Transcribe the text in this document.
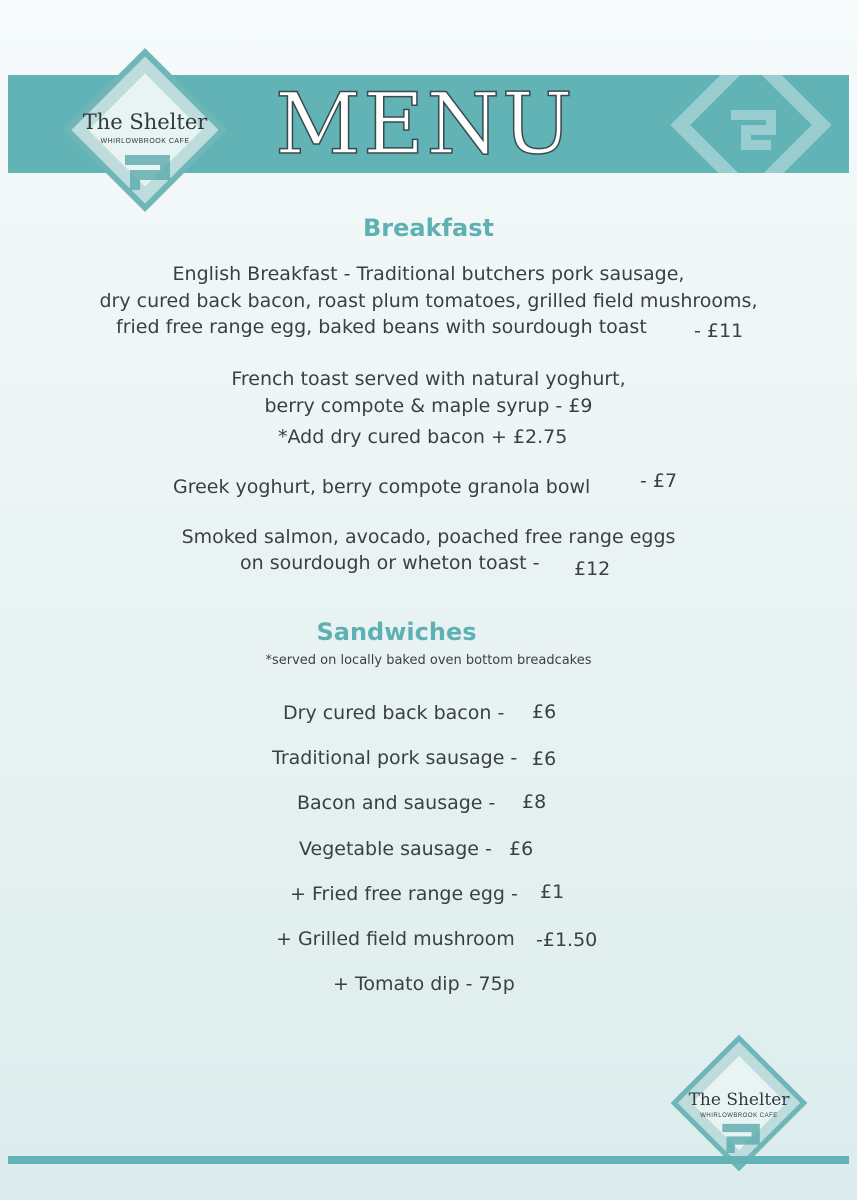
MENU
The Shelter
WHIRLOWBROOK CAFE
Breakfast
English Breakfast - Traditional butchers pork sausage,
dry cured back bacon, roast plum tomatoes, grilled field mushrooms,
fried free range egg, baked beans with sourdough toast - £11
French toast served with natural yoghurt,
berry compote & maple syrup - £9
*Add dry cured bacon + £2.75
Greek yoghurt, berry compote granola bowl	- £7
Smoked salmon, avocado, poached free range eggs
on sourdough or wheton toast - £12
Sandwiches
*served on locally baked oven bottom breadcakes
Dry cured back bacon - £6
Traditional pork sausage - £6
Bacon and sausage - £8
Vegetable sausage - £6
+ Fried free range egg - £1
+ Grilled field mushroom -£1.50
+ Tomato dip - 75p
The Shelter
WHIRLOWBROOK CAFE
